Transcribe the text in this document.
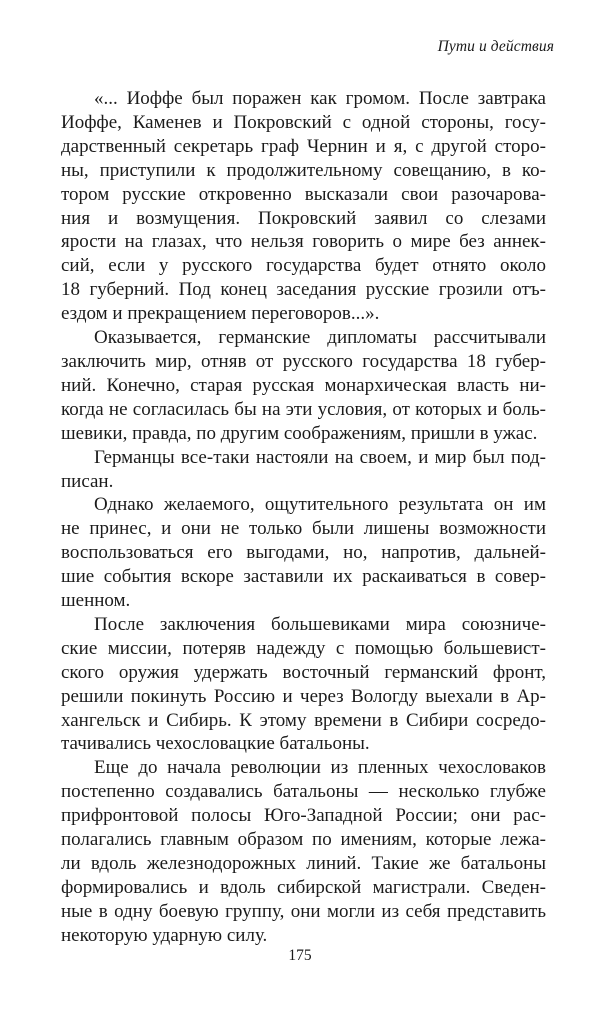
Пути и действия

«... Иоффе был поражен как громом. После завтрака
Иоффе, Каменев и Покровский с одной стороны, госу-
дарственный секретарь граф Чернин и я, с другой сторо-
ны, приступили к продолжительному совещанию, в ко-
тором русские откровенно высказали свои разочарова-
ния и возмущения. Покровский заявил со слезами
ярости на глазах, что нельзя говорить о мире без аннек-
сий, если у русского государства будет отнято около
18 губерний. Под конец заседания русские грозили отъ-
ездом и прекращением переговоров...».

Оказывается, германские дипломаты рассчитывали
заключить мир, отняв от русского государства 18 губер-
ний. Конечно, старая русская монархическая власть ни-
когда не согласилась бы на эти условия, от которых и боль-
шевики, правда, по другим соображениям, пришли в ужас.

Германцы все-таки настояли на своем, и мир был под-
писан.

Однако желаемого, ощутительного результата он им
не принес, и они не только были лишены возможности
воспользоваться его выгодами, но, напротив, дальней-
шие события вскоре заставили их раскаиваться в совер-
шенном.

После заключения большевиками мира союзниче-
ские миссии, потеряв надежду с помощью большевист-
ского оружия удержать восточный германский фронт,
решили покинуть Россию и через Вологду выехали в Ар-
хангельск и Сибирь. К этому времени в Сибири сосредо-
тачивались чехословацкие батальоны.

Еще до начала революции из пленных чехословаков
постепенно создавались батальоны — несколько глубже
прифронтовой полосы Юго-Западной России; они рас-
полагались главным образом по имениям, которые лежа-
ли вдоль железнодорожных линий. Такие же батальоны
формировались и вдоль сибирской магистрали. Сведен-
ные в одну боевую группу, они могли из себя представить
некоторую ударную силу.

175
